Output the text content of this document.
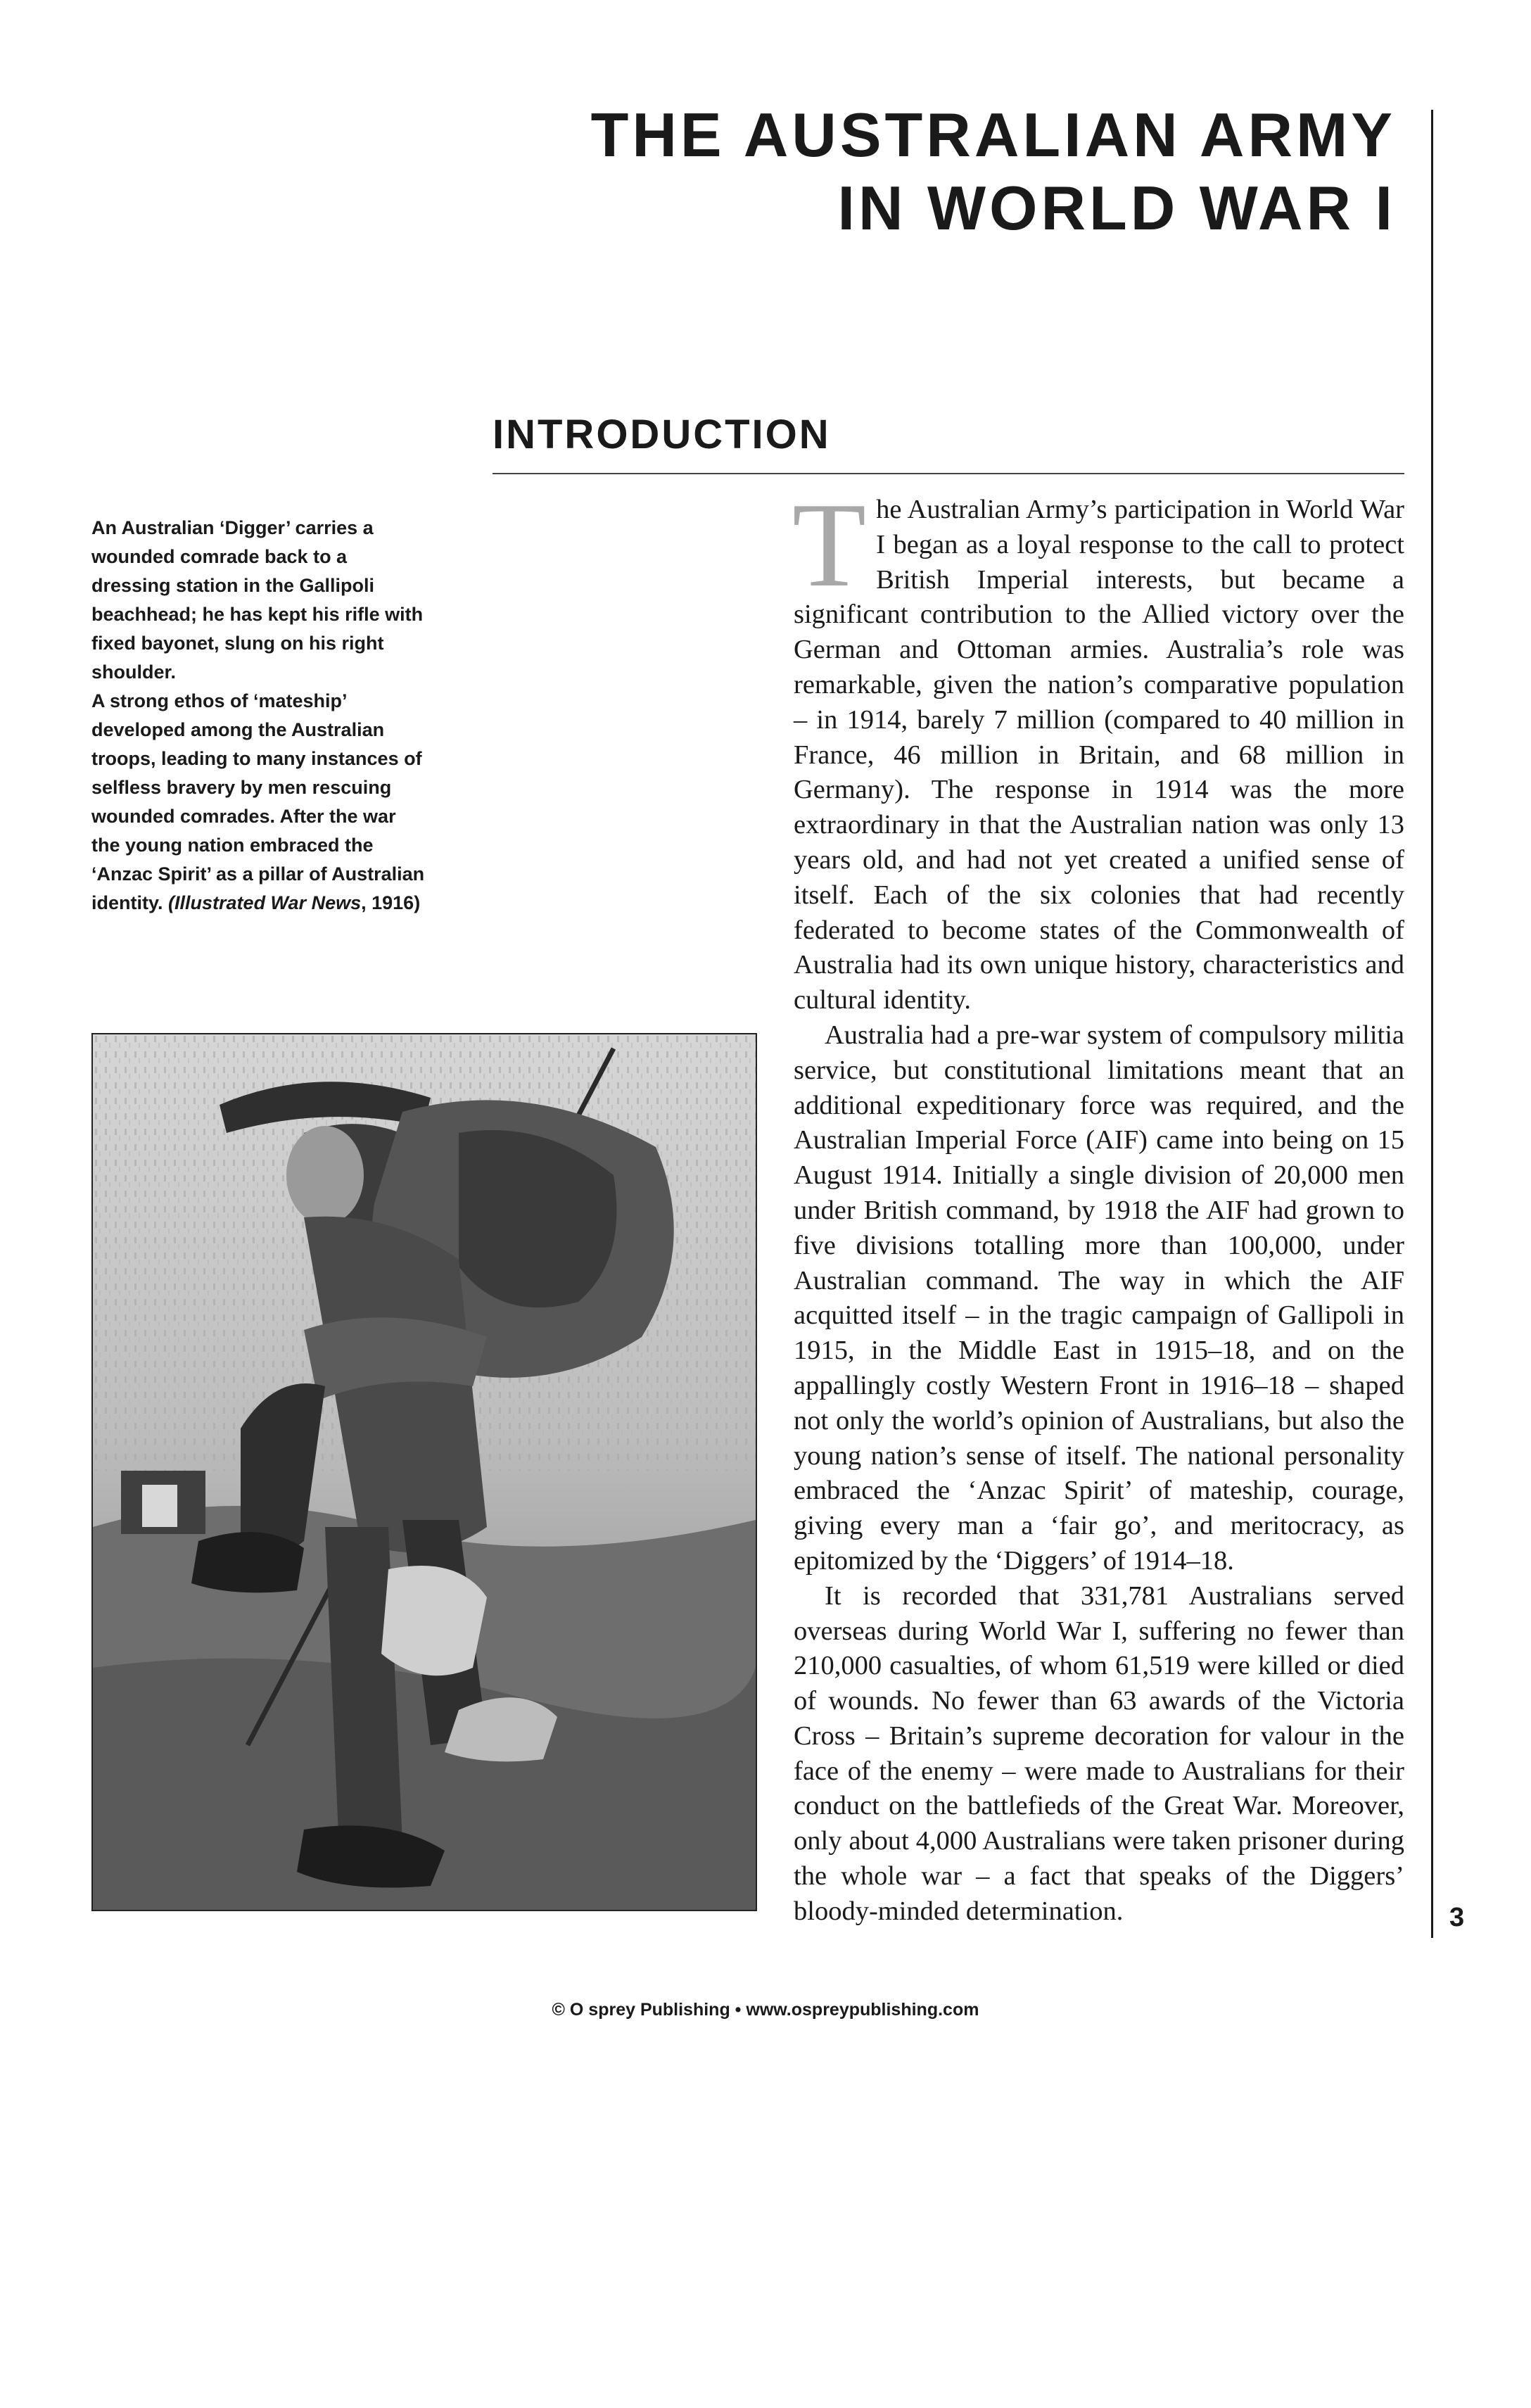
THE AUSTRALIAN ARMY
IN WORLD WAR I
INTRODUCTION

An Australian ‘Digger’ carries a wounded comrade back to a dressing station in the Gallipoli beachhead; he has kept his rifle with fixed bayonet, slung on his right shoulder.
A strong ethos of ‘mateship’ developed among the Australian troops, leading to many instances of selfless bravery by men rescuing wounded comrades. After the war the young nation embraced the ‘Anzac Spirit’ as a pillar of Australian identity. (Illustrated War News, 1916)

The Australian Army’s participation in World War I began as a loyal response to the call to protect British Imperial interests, but became a significant contribution to the Allied victory over the German and Ottoman armies. Australia’s role was remarkable, given the nation’s comparative population – in 1914, barely 7 million (compared to 40 million in France, 46 million in Britain, and 68 million in Germany). The response in 1914 was the more extraordinary in that the Australian nation was only 13 years old, and had not yet created a unified sense of itself. Each of the six colonies that had recently federated to become states of the Commonwealth of Australia had its own unique history, characteristics and cultural identity.

Australia had a pre-war system of compulsory militia service, but constitutional limitations meant that an additional expeditionary force was required, and the Australian Imperial Force (AIF) came into being on 15 August 1914. Initially a single division of 20,000 men under British command, by 1918 the AIF had grown to five divisions totalling more than 100,000, under Australian command. The way in which the AIF acquitted itself – in the tragic campaign of Gallipoli in 1915, in the Middle East in 1915–18, and on the appallingly costly Western Front in 1916–18 – shaped not only the world’s opinion of Australians, but also the young nation’s sense of itself. The national personality embraced the ‘Anzac Spirit’ of mateship, courage, giving every man a ‘fair go’, and meritocracy, as epitomized by the ‘Diggers’ of 1914–18.

It is recorded that 331,781 Australians served overseas during World War I, suffering no fewer than 210,000 casualties, of whom 61,519 were killed or died of wounds. No fewer than 63 awards of the Victoria Cross – Britain’s supreme decoration for valour in the face of the enemy – were made to Australians for their conduct on the battlefieds of the Great War. Moreover, only about 4,000 Australians were taken prisoner during the whole war – a fact that speaks of the Diggers’ bloody-minded determination.	3
© O sprey Publishing • www.ospreypublishing.com
